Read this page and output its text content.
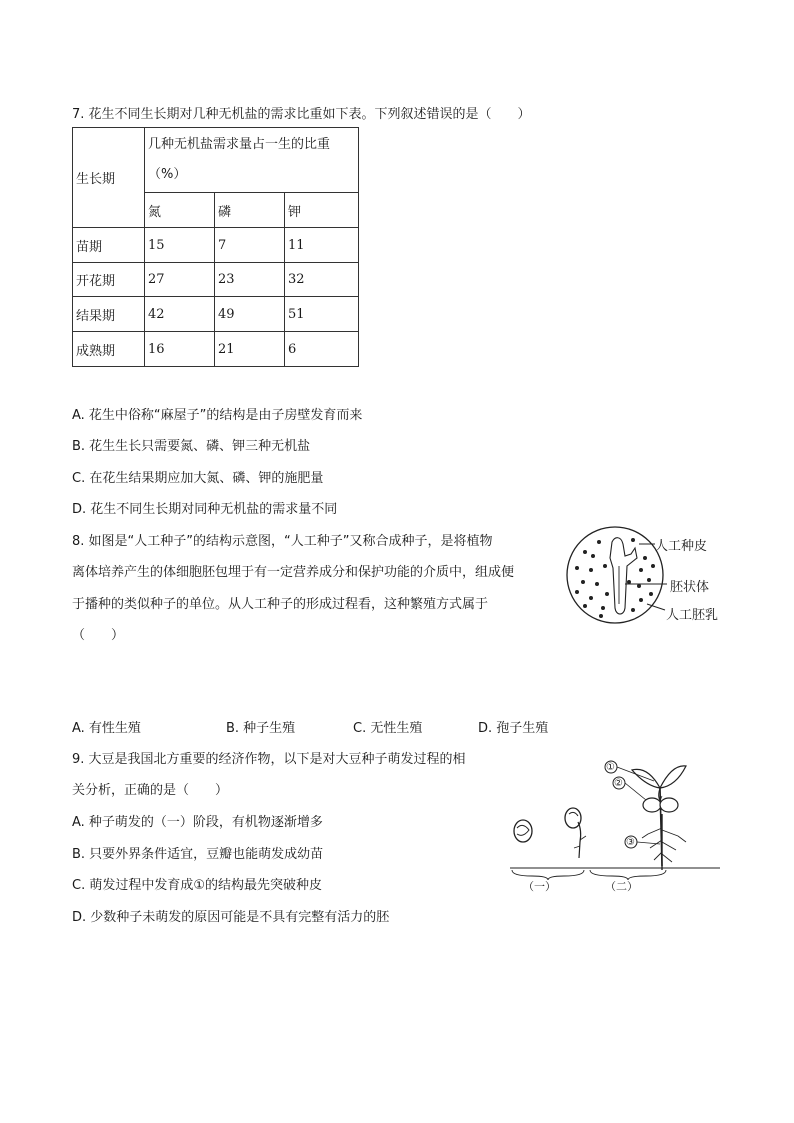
7. 花生不同生长期对几种无机盐的需求比重如下表。下列叙述错误的是（　　）
生长期	几种无机盐需求量占一生的比重
（%）		
	氮	磷	钾
苗期	15	7	11
开花期	27	23	32
结果期	42	49	51
成熟期	16	21	6
A. 花生中俗称“麻屋子”的结构是由子房壁发育而来
B. 花生生长只需要氮、磷、钾三种无机盐
C. 在花生结果期应加大氮、磷、钾的施肥量
D. 花生不同生长期对同种无机盐的需求量不同
8. 如图是“人工种子”的结构示意图，“人工种子”又称合成种子，是将植物
离体培养产生的体细胞胚包埋于有一定营养成分和保护功能的介质中，组成便
于播种的类似种子的单位。从人工种子的形成过程看，这种繁殖方式属于
（　　）
人工种皮
胚状体
人工胚乳
A. 有性生殖	B. 种子生殖	C. 无性生殖	D. 孢子生殖
9. 大豆是我国北方重要的经济作物，以下是对大豆种子萌发过程的相
关分析，正确的是（　　）
A. 种子萌发的（一）阶段，有机物逐渐增多
B. 只要外界条件适宜，豆瓣也能萌发成幼苗
C. 萌发过程中发育成①的结构最先突破种皮
D. 少数种子未萌发的原因可能是不具有完整有活力的胚
①
②
③
（一）	（二）
